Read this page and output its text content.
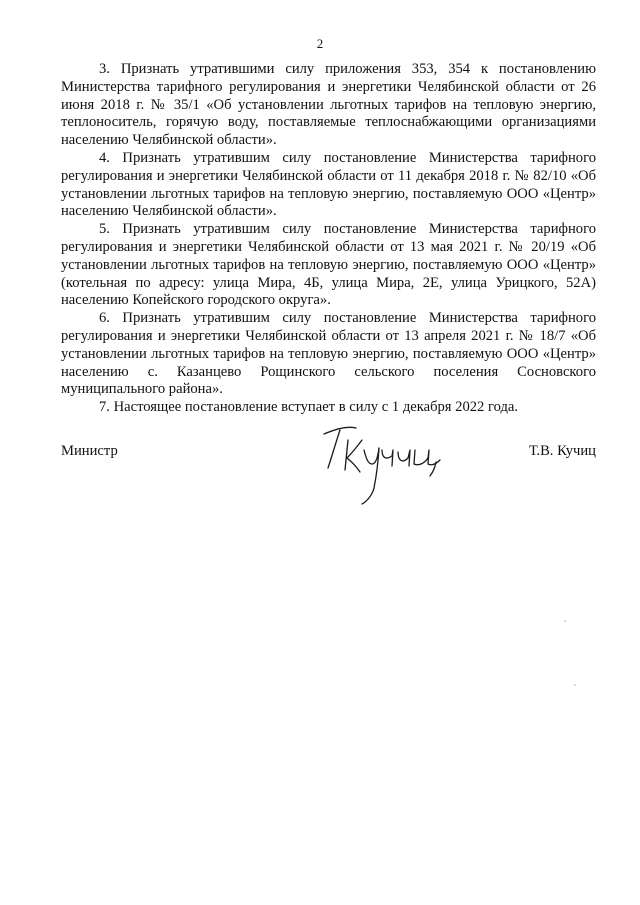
2

3. Признать утратившими силу приложения 353, 354 к постановлению Министерства тарифного регулирования и энергетики Челябинской области от 26 июня 2018 г. № 35/1 «Об установлении льготных тарифов на тепловую энергию, теплоноситель, горячую воду, поставляемые теплоснабжающими организациями населению Челябинской области».

4. Признать утратившим силу постановление Министерства тарифного регулирования и энергетики Челябинской области от 11 декабря 2018 г. № 82/10 «Об установлении льготных тарифов на тепловую энергию, поставляемую ООО «Центр» населению Челябинской области».

5. Признать утратившим силу постановление Министерства тарифного регулирования и энергетики Челябинской области от 13 мая 2021 г. № 20/19 «Об установлении льготных тарифов на тепловую энергию, поставляемую ООО «Центр» (котельная по адресу: улица Мира, 4Б, улица Мира, 2Е, улица Урицкого, 52А) населению Копейского городского округа».

6. Признать утратившим силу постановление Министерства тарифного регулирования и энергетики Челябинской области от 13 апреля 2021 г. № 18/7 «Об установлении льготных тарифов на тепловую энергию, поставляемую ООО «Центр» населению с. Казанцево Рощинского сельского поселения Сосновского муниципального района».

7. Настоящее постановление вступает в силу с 1 декабря 2022 года.

Министр	Т.В. Кучиц
